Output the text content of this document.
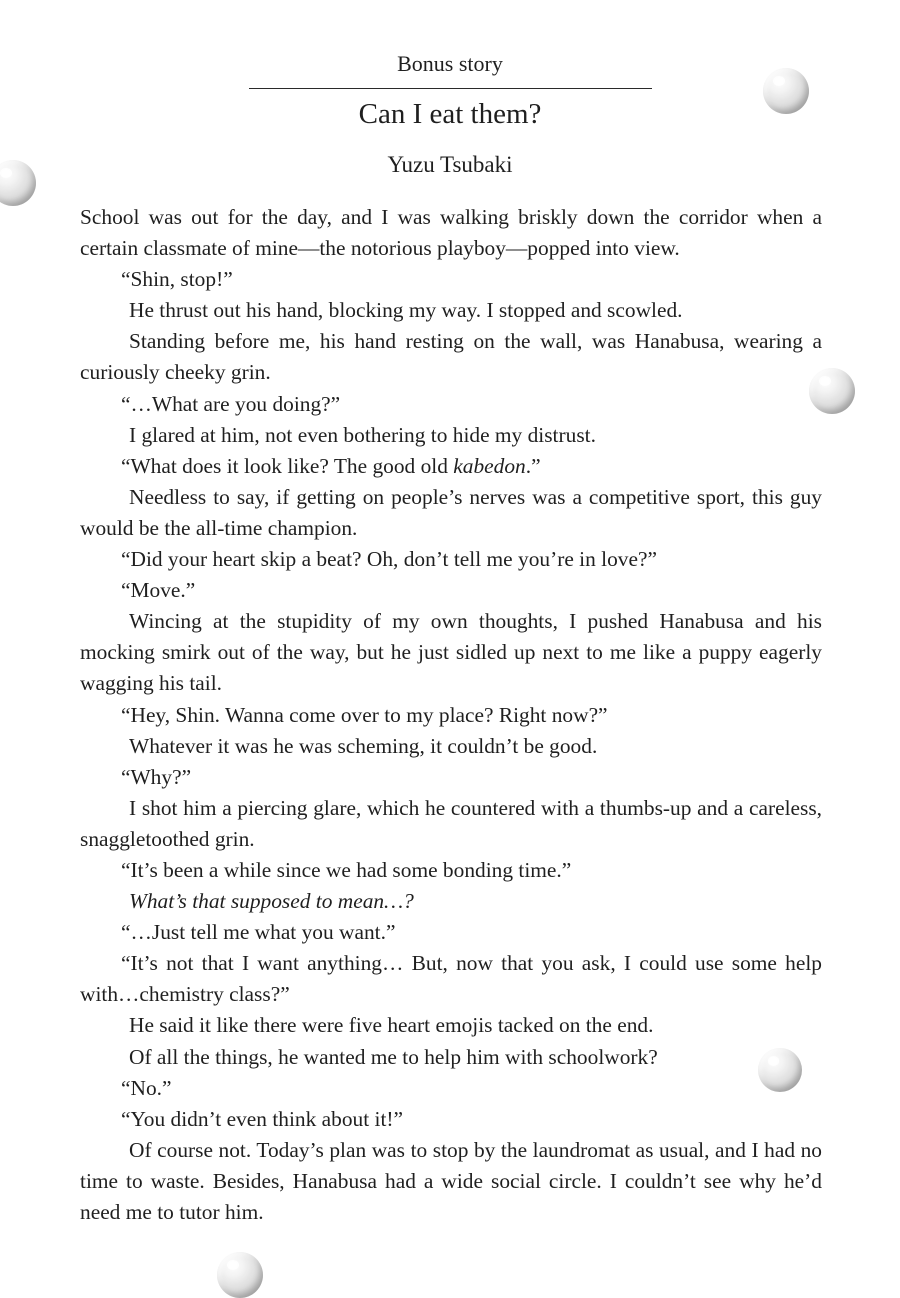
Bonus story
Can I eat them?
Yuzu Tsubaki

School was out for the day, and I was walking briskly down the corridor when a certain classmate of mine—the notorious playboy—popped into view.

“Shin, stop!”

He thrust out his hand, blocking my way. I stopped and scowled.

Standing before me, his hand resting on the wall, was Hanabusa, wearing a curiously cheeky grin.

“…What are you doing?”

I glared at him, not even bothering to hide my distrust.

“What does it look like? The good old kabedon.”

Needless to say, if getting on people’s nerves was a competitive sport, this guy would be the all-time champion.

“Did your heart skip a beat? Oh, don’t tell me you’re in love?”

“Move.”

Wincing at the stupidity of my own thoughts, I pushed Hanabusa and his mocking smirk out of the way, but he just sidled up next to me like a puppy eagerly wagging his tail.

“Hey, Shin. Wanna come over to my place? Right now?”

Whatever it was he was scheming, it couldn’t be good.

“Why?”

I shot him a piercing glare, which he countered with a thumbs-up and a careless, snaggletoothed grin.

“It’s been a while since we had some bonding time.”

What’s that supposed to mean…?

“…Just tell me what you want.”

“It’s not that I want anything… But, now that you ask, I could use some help with…chemistry class?”

He said it like there were five heart emojis tacked on the end.

Of all the things, he wanted me to help him with schoolwork?

“No.”

“You didn’t even think about it!”

Of course not. Today’s plan was to stop by the laundromat as usual, and I had no time to waste. Besides, Hanabusa had a wide social circle. I couldn’t see why he’d need me to tutor him.
